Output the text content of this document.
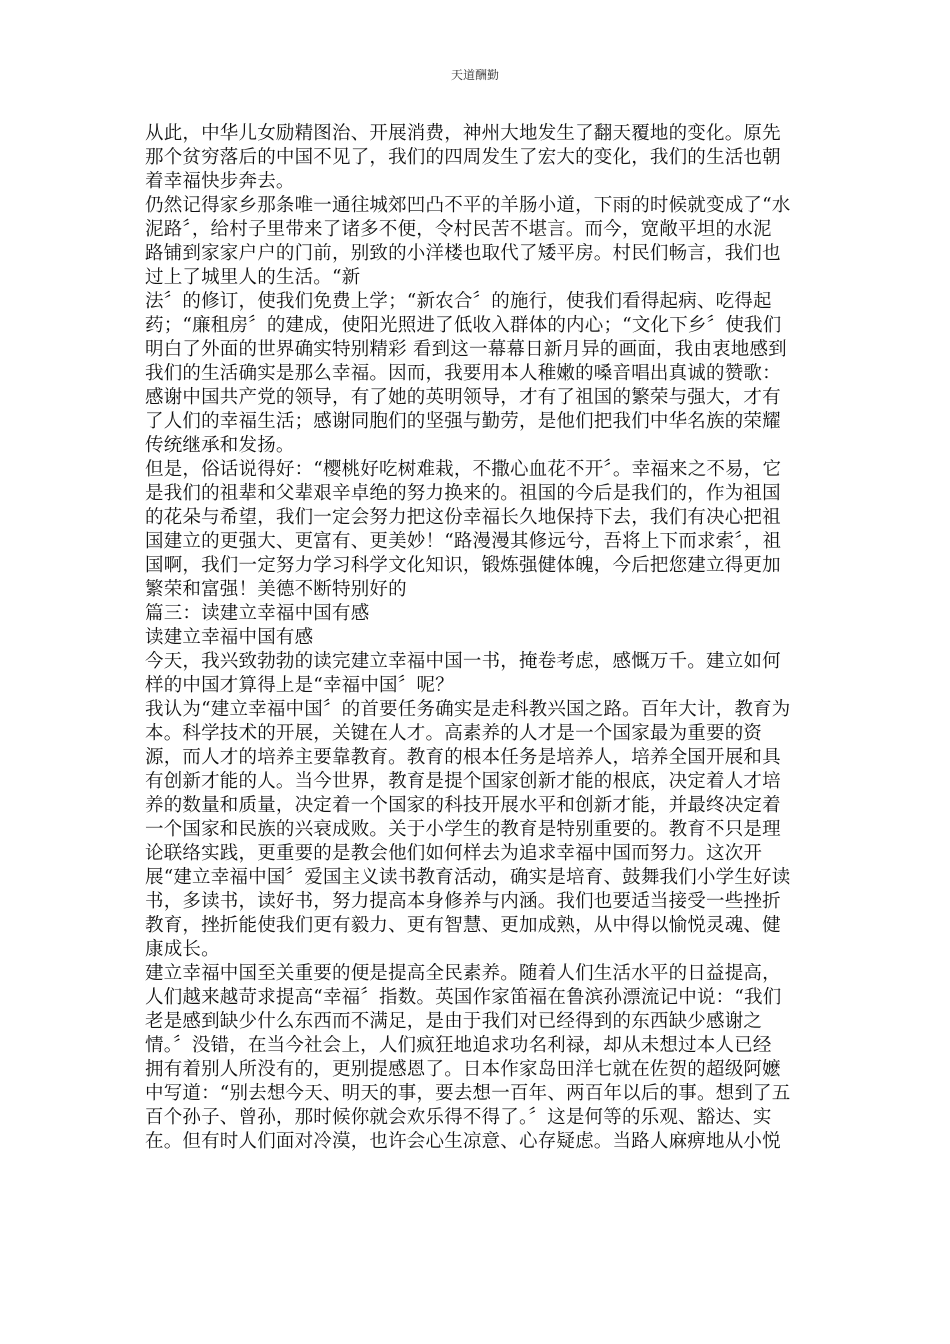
天道酬勤
从此，中华儿女励精图治、开展消费，神州大地发生了翻天覆地的变化。原先
那个贫穷落后的中国不见了，我们的四周发生了宏大的变化，我们的生活也朝
着幸福快步奔去。
仍然记得家乡那条唯一通往城郊凹凸不平的羊肠小道，下雨的时候就变成了“水
泥路〞，给村子里带来了诸多不便，令村民苦不堪言。而今，宽敞平坦的水泥
路铺到家家户户的门前，别致的小洋楼也取代了矮平房。村民们畅言，我们也
过上了城里人的生活。“新
法〞的修订，使我们免费上学；“新农合〞的施行，使我们看得起病、吃得起
药；“廉租房〞的建成，使阳光照进了低收入群体的内心；“文化下乡〞使我们
明白了外面的世界确实特别精彩 看到这一幕幕日新月异的画面，我由衷地感到
我们的生活确实是那么幸福。因而，我要用本人稚嫩的嗓音唱出真诚的赞歌：
感谢中国共产党的领导，有了她的英明领导，才有了祖国的繁荣与强大，才有
了人们的幸福生活；感谢同胞们的坚强与勤劳，是他们把我们中华名族的荣耀
传统继承和发扬。
但是，俗话说得好：“樱桃好吃树难栽，不撒心血花不开〞。幸福来之不易，它
是我们的祖辈和父辈艰辛卓绝的努力换来的。祖国的今后是我们的，作为祖国
的花朵与希望，我们一定会努力把这份幸福长久地保持下去，我们有决心把祖
国建立的更强大、更富有、更美妙！“路漫漫其修远兮，吾将上下而求索〞，祖
国啊，我们一定努力学习科学文化知识，锻炼强健体魄，今后把您建立得更加
繁荣和富强！美德不断特别好的
篇三：读建立幸福中国有感
读建立幸福中国有感
今天，我兴致勃勃的读完建立幸福中国一书，掩卷考虑，感慨万千。建立如何
样的中国才算得上是“幸福中国〞呢？
我认为“建立幸福中国〞的首要任务确实是走科教兴国之路。百年大计，教育为
本。科学技术的开展，关键在人才。高素养的人才是一个国家最为重要的资
源，而人才的培养主要靠教育。教育的根本任务是培养人，培养全国开展和具
有创新才能的人。当今世界，教育是提个国家创新才能的根底，决定着人才培
养的数量和质量，决定着一个国家的科技开展水平和创新才能，并最终决定着
一个国家和民族的兴衰成败。关于小学生的教育是特别重要的。教育不只是理
论联络实践，更重要的是教会他们如何样去为追求幸福中国而努力。这次开
展“建立幸福中国〞爱国主义读书教育活动，确实是培育、鼓舞我们小学生好读
书，多读书，读好书，努力提高本身修养与内涵。我们也要适当接受一些挫折
教育，挫折能使我们更有毅力、更有智慧、更加成熟，从中得以愉悦灵魂、健
康成长。
建立幸福中国至关重要的便是提高全民素养。随着人们生活水平的日益提高，
人们越来越苛求提高“幸福〞指数。英国作家笛福在鲁滨孙漂流记中说：“我们
老是感到缺少什么东西而不满足，是由于我们对已经得到的东西缺少感谢之
情。〞没错，在当今社会上，人们疯狂地追求功名利禄，却从未想过本人已经
拥有着别人所没有的，更别提感恩了。日本作家岛田洋七就在佐贺的超级阿嬷
中写道：“别去想今天、明天的事，要去想一百年、两百年以后的事。想到了五
百个孙子、曾孙，那时候你就会欢乐得不得了。〞这是何等的乐观、豁达、实
在。但有时人们面对冷漠，也许会心生凉意、心存疑虑。当路人麻痹地从小悦
